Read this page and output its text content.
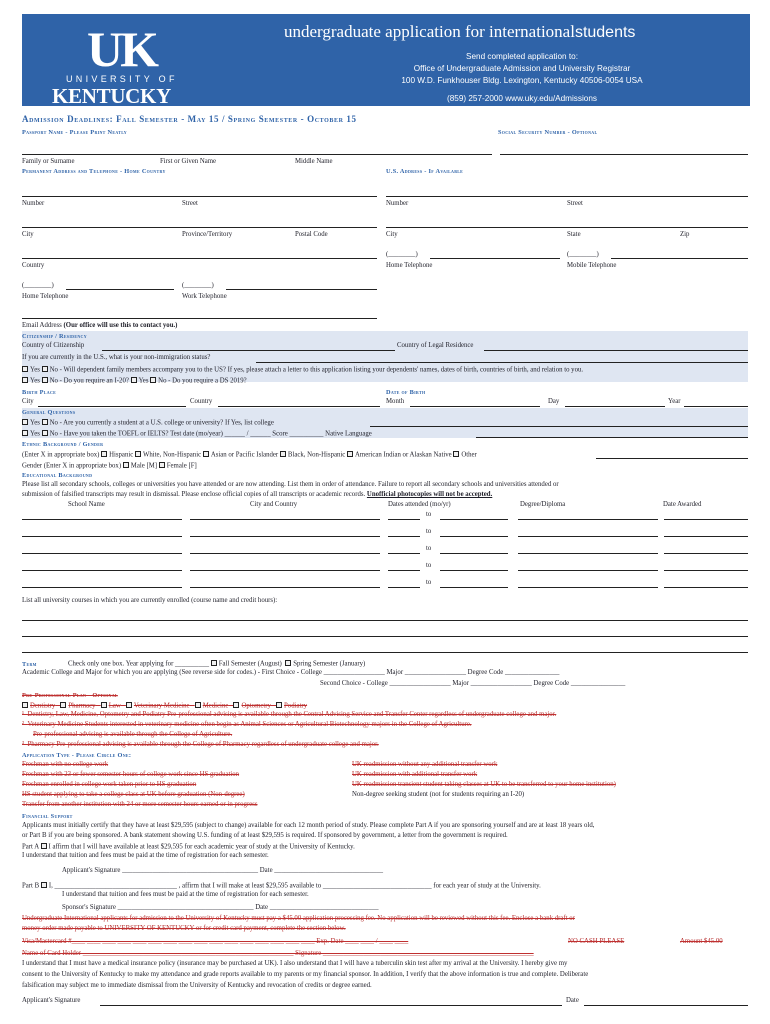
UK
UNIVERSITY OF
KENTUCKY
undergraduate application for internationalstudents
Send completed application to:
Office of Undergraduate Admission and University Registrar
100 W.D. Funkhouser Bldg. Lexington, Kentucky 40506-0054 USA
(859) 257-2000 www.uky.edu/Admissions
Admission Deadlines: Fall Semester - May 15 / Spring Semester - October 15
Passport Name - Please Print Neatly	Social Security Number - Optional
Family or Surname	First or Given Name	Middle Name
Permanent Address and Telephone - Home Country	U.S. Address - If Available
Number	Street	Number	Street
City	Province/Territory	Postal Code	City	State	Zip
(________)	(________)
Country	Home Telephone	Mobile Telephone
(________)	(________)
Home Telephone	Work Telephone
Email Address (Our office will use this to contact you.)
Citizenship / Residency
Country of Citizenship	Country of Legal Residence
If you are currently in the U.S., what is your non-immigration status?
Yes No - Will dependent family members accompany you to the US? If yes, please attach a letter to this application listing your dependents' names, dates of birth, countries of birth, and relation to you.
Yes No - Do you require an I-20? Yes No - Do you require a DS 2019?
Birth Place	Date of Birth
City	Country	Month	Day	Year
General Questions
Yes No - Are you currently a student at a U.S. college or university? If Yes, list college
Yes No - Have you taken the TOEFL or IELTS? Test date (mo/year) ______ / ______ Score __________ Native Language
Ethnic Background / Gender
(Enter X in appropriate box) Hispanic White, Non-Hispanic Asian or Pacific Islander Black, Non-Hispanic American Indian or Alaskan Native Other
Gender (Enter X in appropriate box) Male [M] Female [F]
Educational Background
Please list all secondary schools, colleges or universities you have attended or are now attending. List them in order of attendance. Failure to report all secondary schools and universities attended or
submission of falsified transcripts may result in dismissal. Please enclose official copies of all transcripts or academic records. Unofficial photocopies will not be accepted.
School Name	City and Country	Dates attended (mo/yr)	Degree/Diploma	Date Awarded
to
to
to
to
to
List all university courses in which you are currently enrolled (course name and credit hours):
Term	Check only one box. Year applying for __________ Fall Semester (August) Spring Semester (January)
Academic College and Major for which you are applying (See reverse side for codes.) - First Choice - College __________________ Major __________________ Degree Code ________________
Second Choice - College __________________ Major __________________ Degree Code ________________
Pre-Professional Plan - Optional
Dentistry Pharmacy Law Veterinary Medicine Medicine Optometry Podiatry
¹  Dentistry, Law, Medicine, Optometry and Podiatry Pre-professional advising is available through the Central Advising Service and Transfer Center regardless of undergraduate college and major.
²  Veterinary Medicine Students interested in veterinary medicine often begin as Animal Sciences or Agricultural Biotechnology majors in the College of Agriculture.
Pre-professional advising is available through the College of Agriculture.
³  Pharmacy Pre-professional advising is available through the College of Pharmacy regardless of undergraduate college and major.
Application Type - Please Circle One:
Freshman with no college work
Freshman with 23 or fewer semester hours of college work since HS graduation
Freshman enrolled in college work taken prior to HS graduation
HS student applying to take a college class at UK before graduation (Non-degree)
Transfer from another institution with 24 or more semester hours earned or in progress
UK readmission without any additional transfer work
UK readmission with additional transfer work
UK readmission transient student taking classes at UK to be transferred to your home institution)
Non-degree seeking student (not for students requiring an I-20)
Financial Support
Applicants must initially certify that they have at least $29,595 (subject to change) available for each 12 month period of study. Please complete Part A if you are sponsoring yourself and are at least 18 years old,
or Part B if you are being sponsored. A bank statement showing U.S. funding of at least $29,595 is required. If sponsored by government, a letter from the government is required.
Part A I affirm that I will have available at least $29,595 for each academic year of study at the University of Kentucky.
I understand that tuition and fees must be paid at the time of registration for each semester.
Applicant's Signature ________________________________________ Date ________________________________
Part B I, ____________________________________ , affirm that I will make at least $29,595 available to ________________________________ for each year of study at the University.
I understand that tuition and fees must be paid at the time of registration for each semester.
Sponsor's Signature ________________________________________ Date ________________________________
Undergraduate International applicants for admission to the University of Kentucky must pay a $45.00 application processing fee. No application will be reviewed without this fee. Enclose a bank draft or
money order made payable to UNIVERSITY OF KENTUCKY or for credit card payment, complete the section below.
Visa/Mastercard #____ ____ ____ ____ ____ ____ ____ ____ ____ ____ ____ ____ ____ ____ ____ ____ Exp. Date ____ ____ / ____ ____	NO CASH PLEASE	Amount $45.00
Name of Card Holder ______________________________________________________________ Signature ______________________________________________________________
I understand that I must have a medical insurance policy (insurance may be purchased at UK). I also understand that I will have a tuberculin skin test after my arrival at the University. I hereby give my
consent to the University of Kentucky to make my attendance and grade reports available to my parents or my financial sponsor. In addition, I verify that the above information is true and complete. Deliberate
falsification may subject me to immediate dismissal from the University of Kentucky and revocation of credits or degree earned.
Applicant's Signature	Date
